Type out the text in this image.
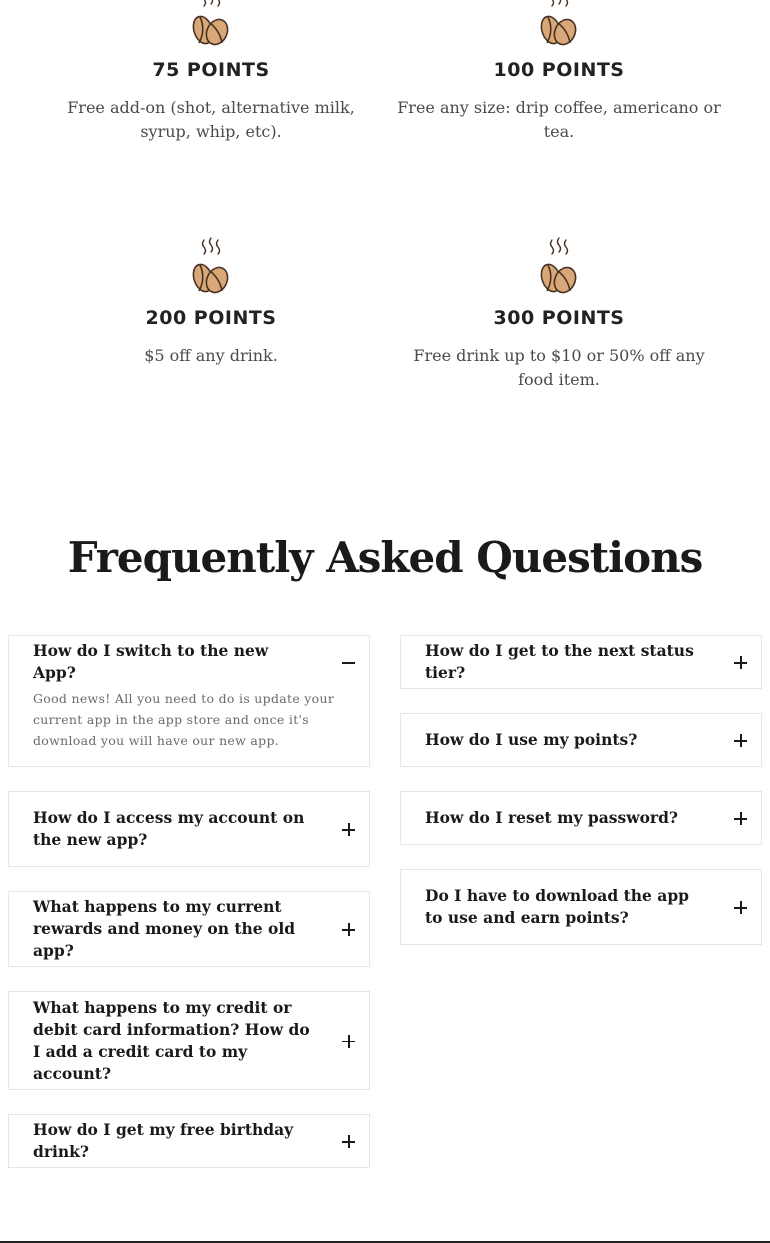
75 POINTS
Free add-on (shot, alternative milk, syrup, whip, etc).
100 POINTS
Free any size: drip coffee, americano or tea.
200 POINTS
$5 off any drink.
300 POINTS
Free drink up to $10 or 50% off any food item.
Frequently Asked Questions
How do I switch to the new App?
Good news! All you need to do is update your current app in the app store and once it's download you will have our new app.
How do I access my account on the new app?
What happens to my current rewards and money on the old app?
What happens to my credit or debit card information? How do I add a credit card to my account?
How do I get my free birthday drink?
How do I get to the next status tier?
How do I use my points?
How do I reset my password?
Do I have to download the app to use and earn points?
